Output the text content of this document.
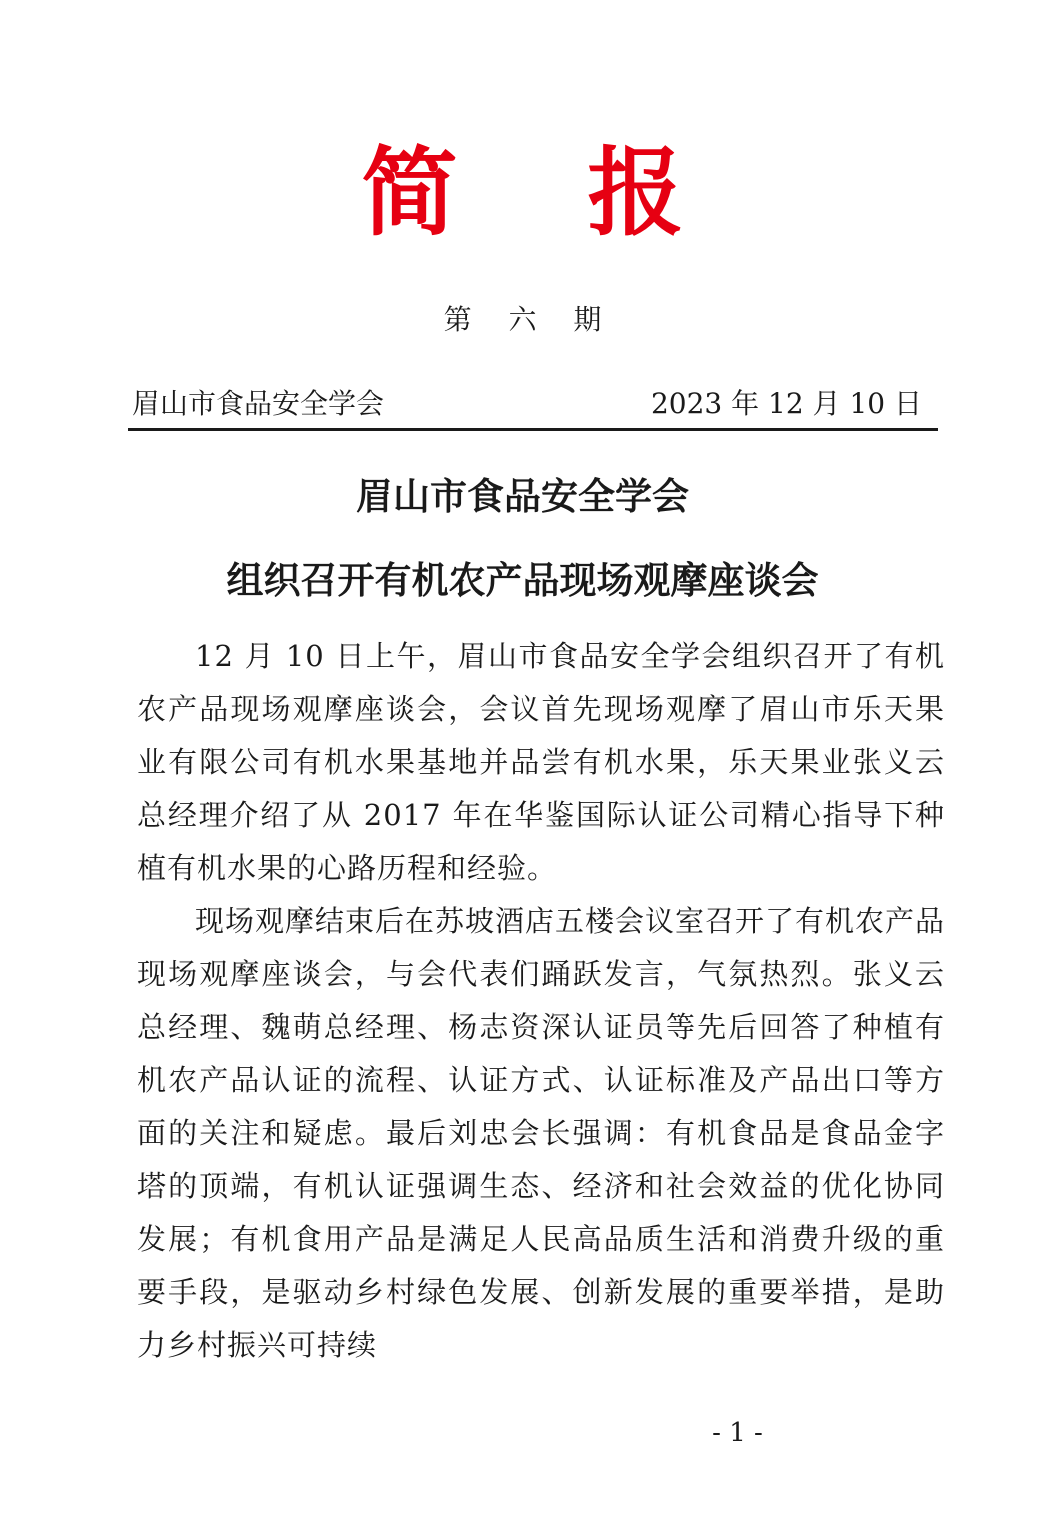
简报
第 六 期
眉山市食品安全学会	2023 年 12 月 10 日
眉山市食品安全学会
组织召开有机农产品现场观摩座谈会

12 月 10 日上午，眉山市食品安全学会组织召开了有机农产品现场观摩座谈会，会议首先现场观摩了眉山市乐天果业有限公司有机水果基地并品尝有机水果，乐天果业张义云总经理介绍了从 2017 年在华鉴国际认证公司精心指导下种植有机水果的心路历程和经验。

现场观摩结束后在苏坡酒店五楼会议室召开了有机农产品现场观摩座谈会，与会代表们踊跃发言，气氛热烈。张义云总经理、魏萌总经理、杨志资深认证员等先后回答了种植有机农产品认证的流程、认证方式、认证标准及产品出口等方面的关注和疑虑。最后刘忠会长强调：有机食品是食品金字塔的顶端，有机认证强调生态、经济和社会效益的优化协同发展；有机食用产品是满足人民高品质生活和消费升级的重要手段，是驱动乡村绿色发展、创新发展的重要举措，是助力乡村振兴可持续

- 1 -
